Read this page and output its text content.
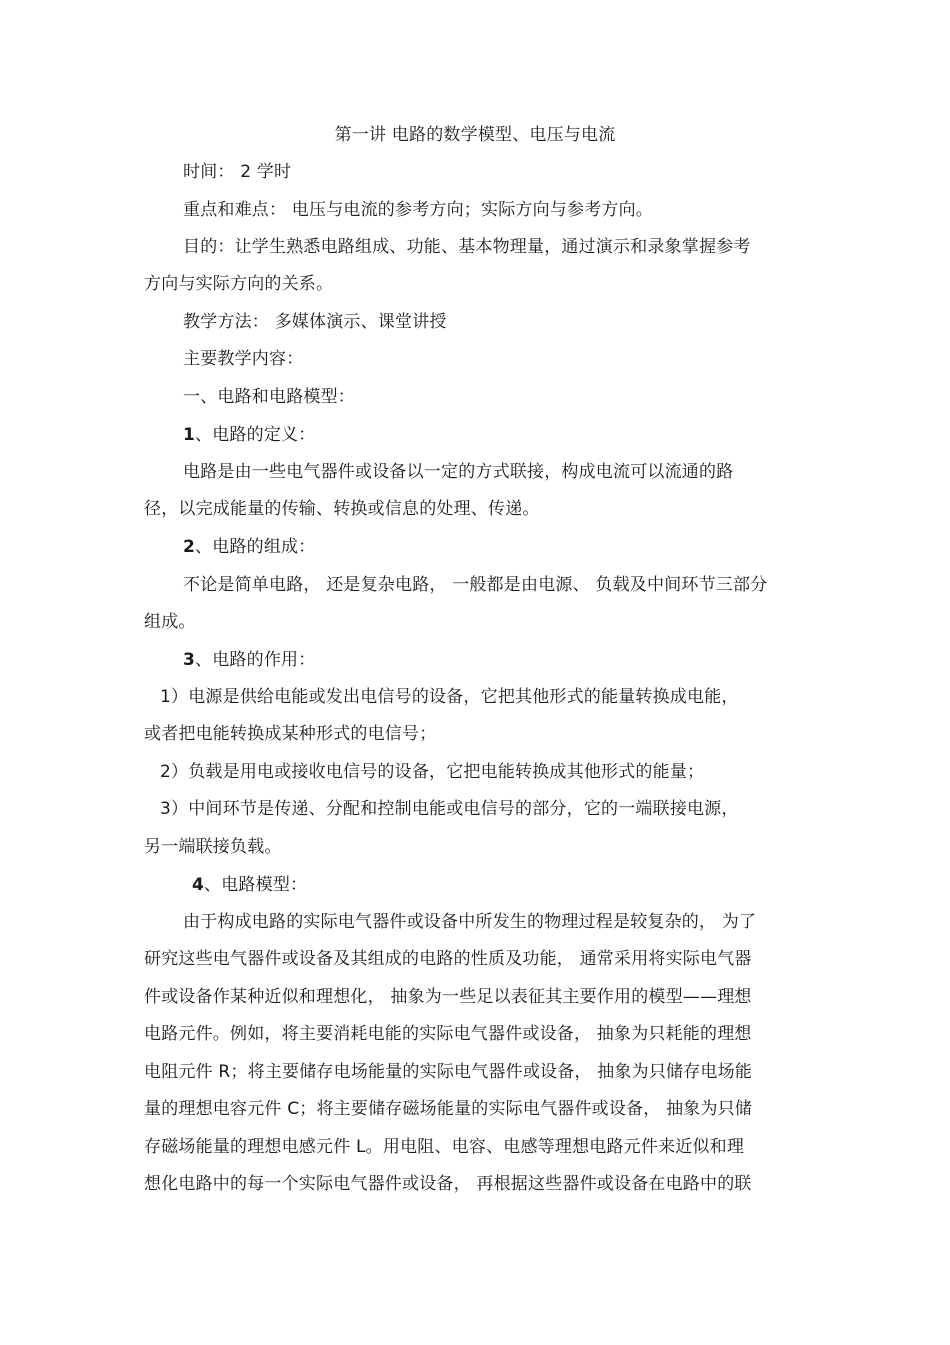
第一讲 电路的数学模型、电压与电流
时间： 2 学时
重点和难点： 电压与电流的参考方向；实际方向与参考方向。
目的：让学生熟悉电路组成、功能、基本物理量，通过演示和录象掌握参考
方向与实际方向的关系。
教学方法： 多媒体演示、课堂讲授
主要教学内容：
一、电路和电路模型：
1、电路的定义：
电路是由一些电气器件或设备以一定的方式联接，构成电流可以流通的路
径，以完成能量的传输、转换或信息的处理、传递。
2、电路的组成：
不论是简单电路， 还是复杂电路， 一般都是由电源、 负载及中间环节三部分
组成。
3、电路的作用：
1）电源是供给电能或发出电信号的设备，它把其他形式的能量转换成电能，
或者把电能转换成某种形式的电信号；
2）负载是用电或接收电信号的设备，它把电能转换成其他形式的能量；
3）中间环节是传递、分配和控制电能或电信号的部分，它的一端联接电源，
另一端联接负载。
4、电路模型：
由于构成电路的实际电气器件或设备中所发生的物理过程是较复杂的， 为了
研究这些电气器件或设备及其组成的电路的性质及功能， 通常采用将实际电气器
件或设备作某种近似和理想化， 抽象为一些足以表征其主要作用的模型——理想
电路元件。例如，将主要消耗电能的实际电气器件或设备， 抽象为只耗能的理想
电阻元件 R；将主要储存电场能量的实际电气器件或设备， 抽象为只储存电场能
量的理想电容元件 C；将主要储存磁场能量的实际电气器件或设备， 抽象为只储
存磁场能量的理想电感元件 L。用电阻、电容、电感等理想电路元件来近似和理
想化电路中的每一个实际电气器件或设备， 再根据这些器件或设备在电路中的联
